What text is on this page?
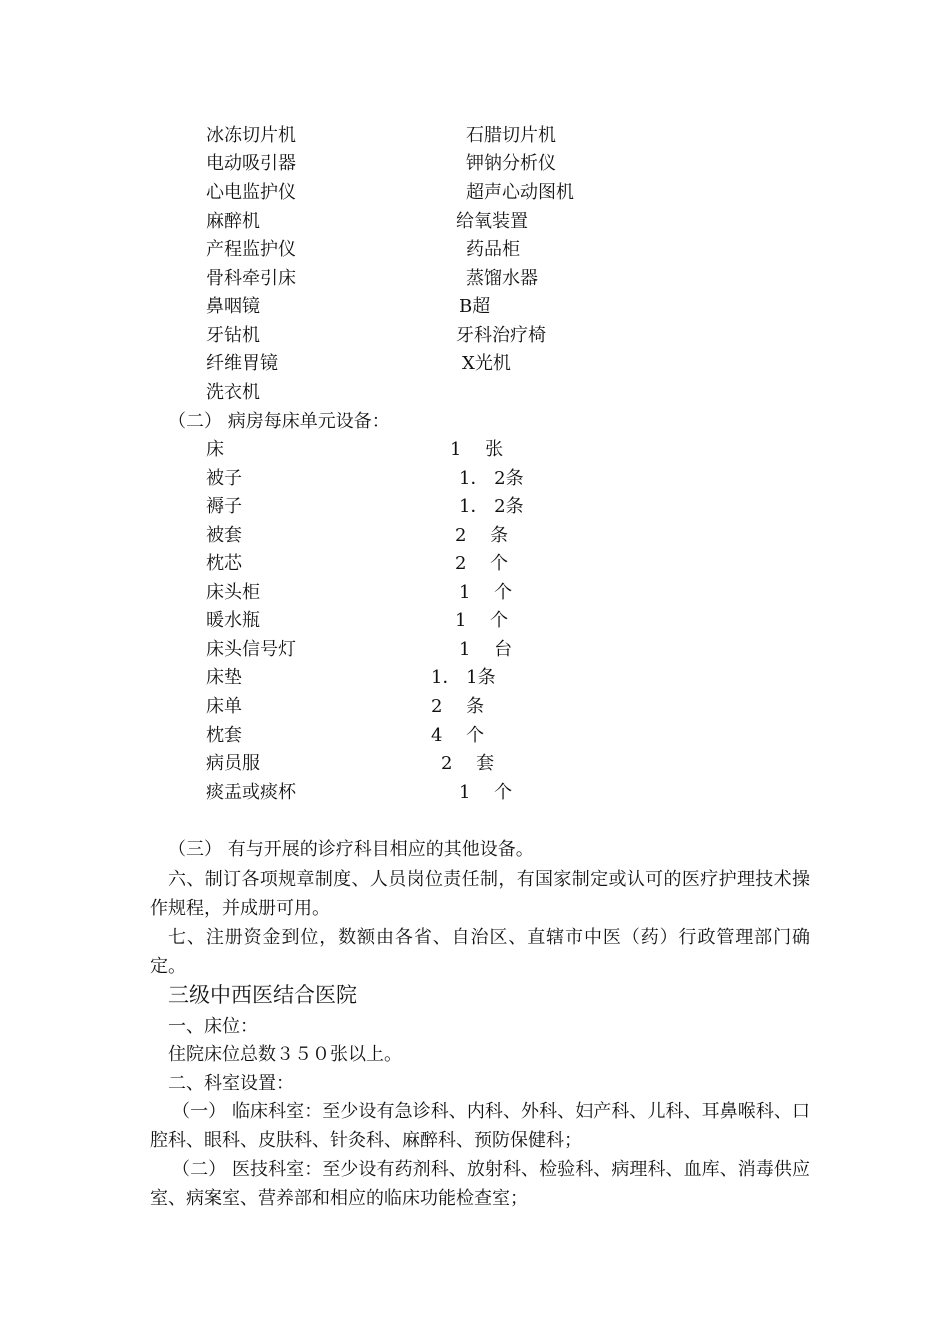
冰冻切片机	石腊切片机
电动吸引器	钾钠分析仪
心电监护仪	超声心动图机
麻醉机	给氧装置
产程监护仪	药品柜
骨科牵引床	蒸馏水器
鼻咽镜	B超
牙钻机	牙科治疗椅
纤维胃镜	X光机
洗衣机
（二） 病房每床单元设备：
床	1　 张
被子	1． 2条
褥子	1． 2条
被套	2　 条
枕芯	2　 个
床头柜	1　 个
暖水瓶	1　 个
床头信号灯	1　 台
床垫	1． 1条
床单	2　 条
枕套	4　 个
病员服	2　 套
痰盂或痰杯	1　 个
（三） 有与开展的诊疗科目相应的其他设备。
六、制订各项规章制度、人员岗位责任制，有国家制定或认可的医疗护理技术操作规程，并成册可用。
七、注册资金到位，数额由各省、自治区、直辖市中医（药）行政管理部门确定。
三级中西医结合医院
一、床位：
住院床位总数３５０张以上。
二、科室设置：
（一） 临床科室：至少设有急诊科、内科、外科、妇产科、儿科、耳鼻喉科、口腔科、眼科、皮肤科、针灸科、麻醉科、预防保健科；
（二） 医技科室：至少设有药剂科、放射科、检验科、病理科、血库、消毒供应室、病案室、营养部和相应的临床功能检查室；
